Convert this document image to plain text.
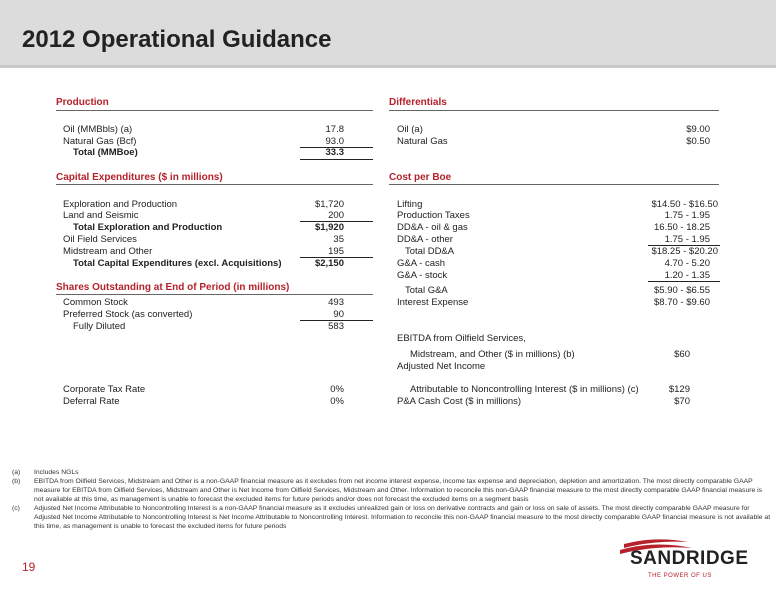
2012 Operational Guidance
Production
Oil (MMBbls) (a)	17.8
Natural Gas (Bcf)	93.0
Total (MMBoe)	33.3
Capital Expenditures ($ in millions)
Exploration and Production	$1,720
Land and Seismic	200
Total Exploration and Production	$1,920
Oil Field Services	35
Midstream and Other	195
Total Capital Expenditures (excl. Acquisitions)	$2,150
Shares Outstanding at End of Period (in millions)
Common Stock	493
Preferred Stock (as converted)	90
Fully Diluted	583
Corporate Tax Rate	0%
Deferral Rate	0%
Differentials
Oil (a)	$9.00
Natural Gas	$0.50
Cost per Boe
Lifting	$14.50 - $16.50
Production Taxes	1.75 - 1.95
DD&A - oil & gas	16.50 - 18.25
DD&A - other	1.75 - 1.95
Total DD&A	$18.25 - $20.20
G&A - cash	4.70 - 5.20
G&A - stock	1.20 - 1.35
Total G&A	$5.90 - $6.55
Interest Expense	$8.70 - $9.60
EBITDA from Oilfield Services,
Midstream, and Other ($ in millions) (b)	$60
Adjusted Net Income
Attributable to Noncontrolling Interest ($ in millions) (c)	$129
P&A Cash Cost ($ in millions)	$70
(a) Includes NGLs
(b) EBITDA from Oilfield Services, Midstream and Other is a non-GAAP financial measure as it excludes from net income interest expense, income tax expense and depreciation, depletion and amortization. The most directly comparable GAAP measure for EBITDA from Oilfield Services, Midstream and Other is Net Income from Oilfield Services, Midstream and Other. Information to reconcile this non-GAAP financial measure to the most directly comparable GAAP financial measure is not available at this time, as management is unable to forecast the excluded items for future periods and/or does not forecast the excluded items on a segment basis
(c) Adjusted Net Income Attributable to Noncontrolling Interest is a non-GAAP financial measure as it excludes unrealized gain or loss on derivative contracts and gain or loss on sale of assets. The most directly comparable GAAP measure for Adjusted Net Income Attributable to Noncontrolling Interest is Net Income Attributable to Noncontrolling Interest. Information to reconcile this non-GAAP financial measure to the most directly comparable GAAP financial measure is not available at this time, as management is unable to forecast the excluded items for future periods
19	SANDRIDGE
THE POWER OF US
